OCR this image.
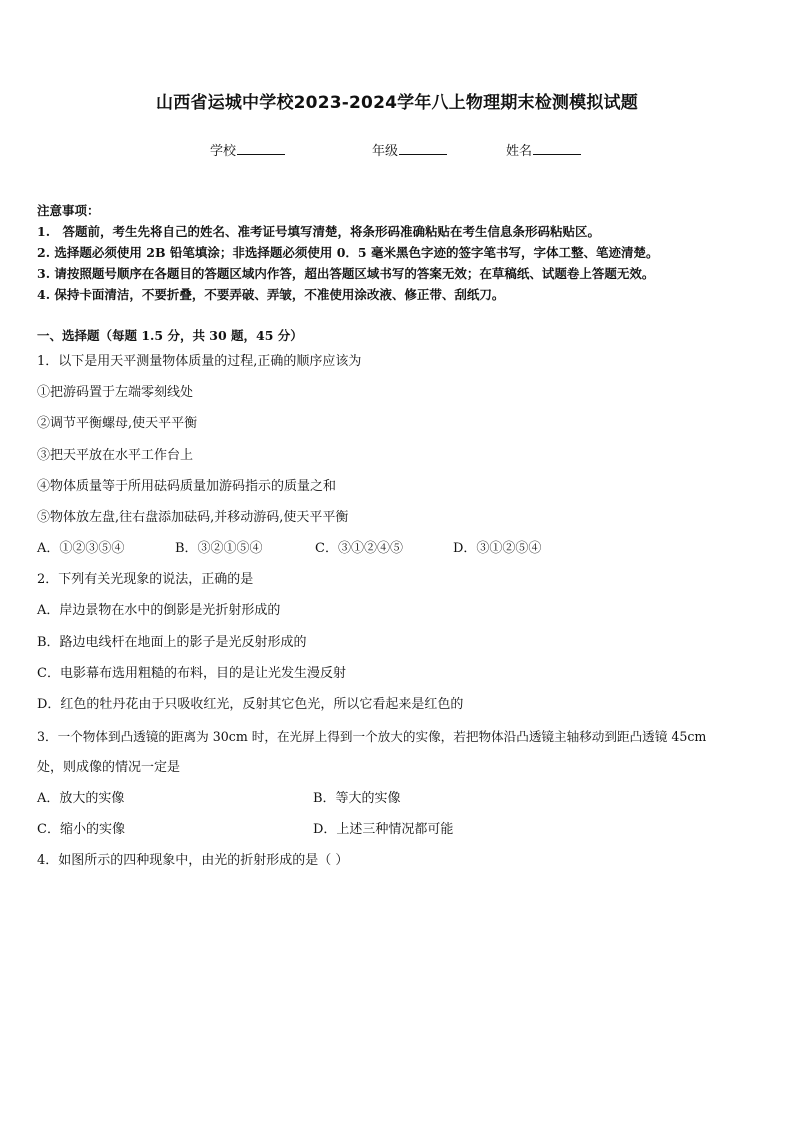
山西省运城中学校2023-2024学年八上物理期末检测模拟试题
学校	年级	姓名
注意事项：
1.　答题前，考生先将自己的姓名、准考证号填写清楚，将条形码准确粘贴在考生信息条形码粘贴区。
2. 选择题必须使用 2B 铅笔填涂；非选择题必须使用 0．5 毫米黑色字迹的签字笔书写，字体工整、笔迹清楚。
3. 请按照题号顺序在各题目的答题区域内作答，超出答题区域书写的答案无效；在草稿纸、试题卷上答题无效。
4. 保持卡面清洁，不要折叠，不要弄破、弄皱，不准使用涂改液、修正带、刮纸刀。
一、选择题（每题 1.5 分，共 30 题，45 分）
1．以下是用天平测量物体质量的过程,正确的顺序应该为
①把游码置于左端零刻线处
②调节平衡螺母,使天平平衡
③把天平放在水平工作台上
④物体质量等于所用砝码质量加游码指示的质量之和
⑤物体放左盘,往右盘添加砝码,并移动游码,使天平平衡
A．①②③⑤④	B．③②①⑤④	C．③①②④⑤	D．③①②⑤④
2．下列有关光现象的说法，正确的是
A．岸边景物在水中的倒影是光折射形成的
B．路边电线杆在地面上的影子是光反射形成的
C．电影幕布选用粗糙的布料，目的是让光发生漫反射
D．红色的牡丹花由于只吸收红光，反射其它色光，所以它看起来是红色的
3．一个物体到凸透镜的距离为 30cm 时，在光屏上得到一个放大的实像，若把物体沿凸透镜主轴移动到距凸透镜 45cm
处，则成像的情况一定是
A．放大的实像	B．等大的实像
C．缩小的实像	D．上述三种情况都可能
4．如图所示的四种现象中，由光的折射形成的是（ ）
